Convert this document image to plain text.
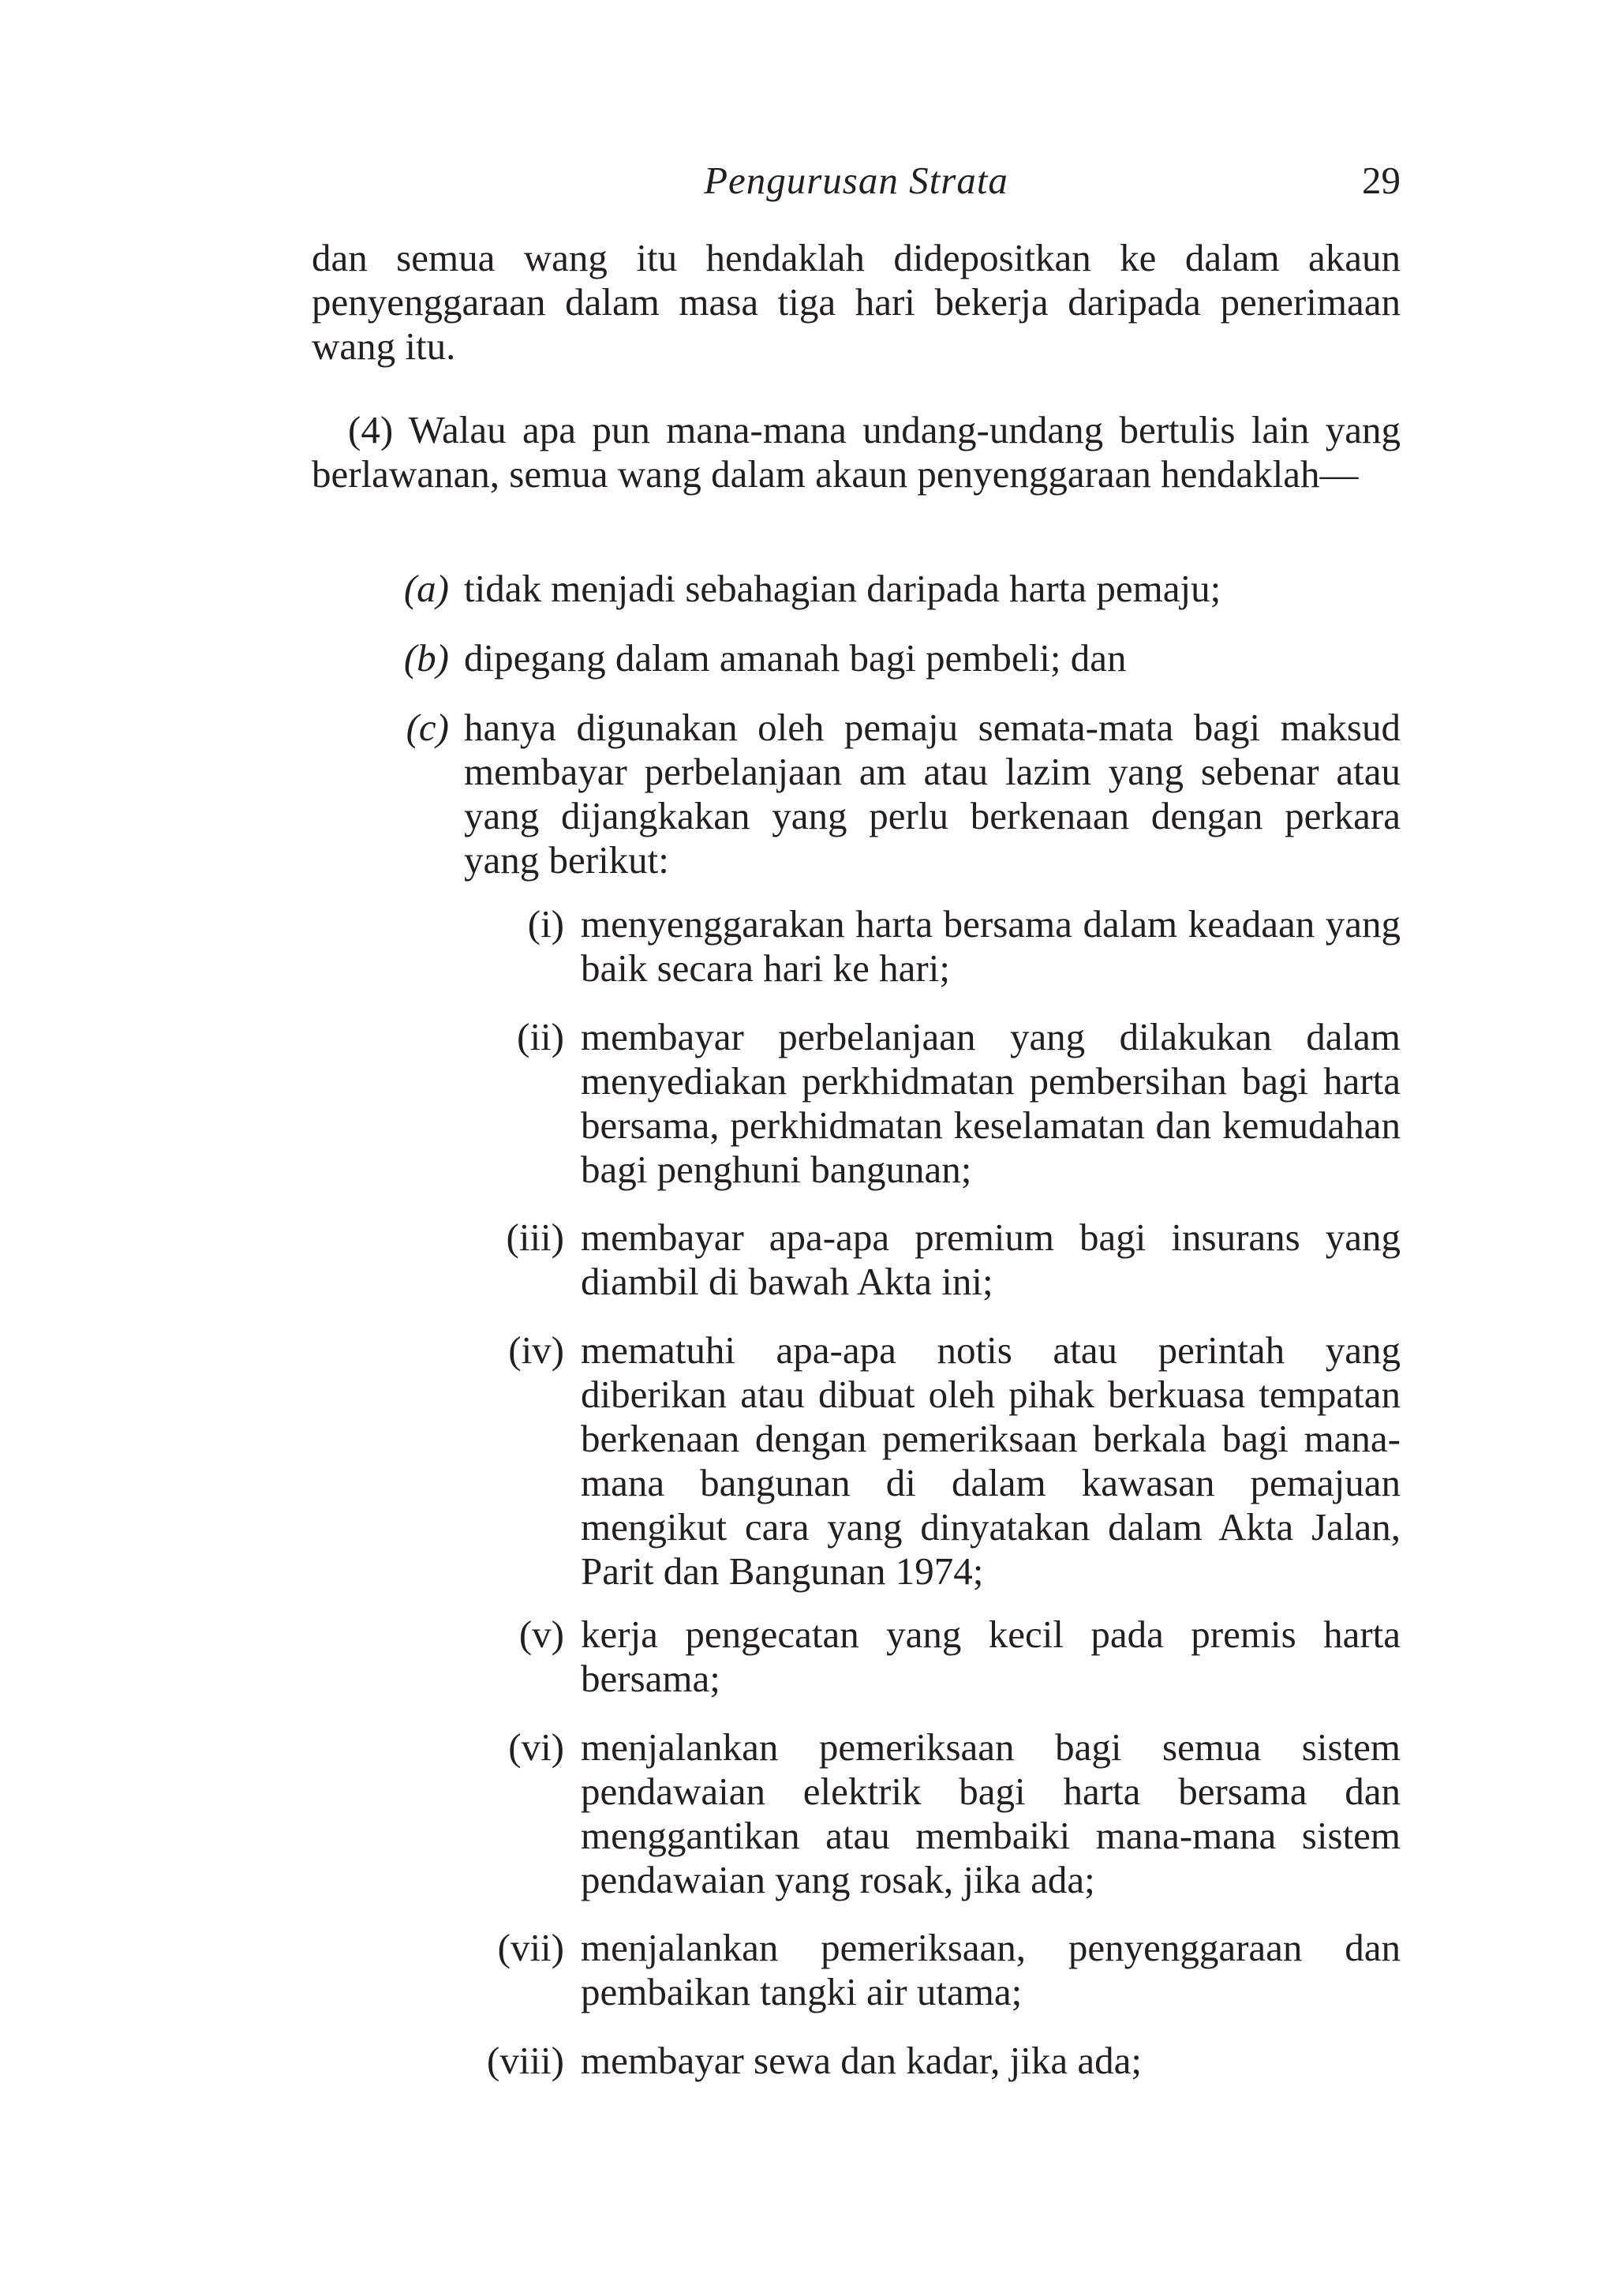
Pengurusan Strata	29
dan semua wang itu hendaklah didepositkan ke dalam akaun penyenggaraan dalam masa tiga hari bekerja daripada penerimaan wang itu.
(4) Walau apa pun mana-mana undang-undang bertulis lain yang berlawanan, semua wang dalam akaun penyenggaraan hendaklah—
(a) tidak menjadi sebahagian daripada harta pemaju;
(b) dipegang dalam amanah bagi pembeli; dan
(c) hanya digunakan oleh pemaju semata-mata bagi maksud membayar perbelanjaan am atau lazim yang sebenar atau yang dijangkakan yang perlu berkenaan dengan perkara yang berikut:
(i) menyenggarakan harta bersama dalam keadaan yang baik secara hari ke hari;
(ii) membayar perbelanjaan yang dilakukan dalam menyediakan perkhidmatan pembersihan bagi harta bersama, perkhidmatan keselamatan dan kemudahan bagi penghuni bangunan;
(iii) membayar apa-apa premium bagi insurans yang diambil di bawah Akta ini;
(iv) mematuhi apa-apa notis atau perintah yang diberikan atau dibuat oleh pihak berkuasa tempatan berkenaan dengan pemeriksaan berkala bagi mana-mana bangunan di dalam kawasan pemajuan mengikut cara yang dinyatakan dalam Akta Jalan, Parit dan Bangunan 1974;
(v) kerja pengecatan yang kecil pada premis harta bersama;
(vi) menjalankan pemeriksaan bagi semua sistem pendawaian elektrik bagi harta bersama dan menggantikan atau membaiki mana-mana sistem pendawaian yang rosak, jika ada;
(vii) menjalankan pemeriksaan, penyenggaraan dan pembaikan tangki air utama;
(viii) membayar sewa dan kadar, jika ada;
